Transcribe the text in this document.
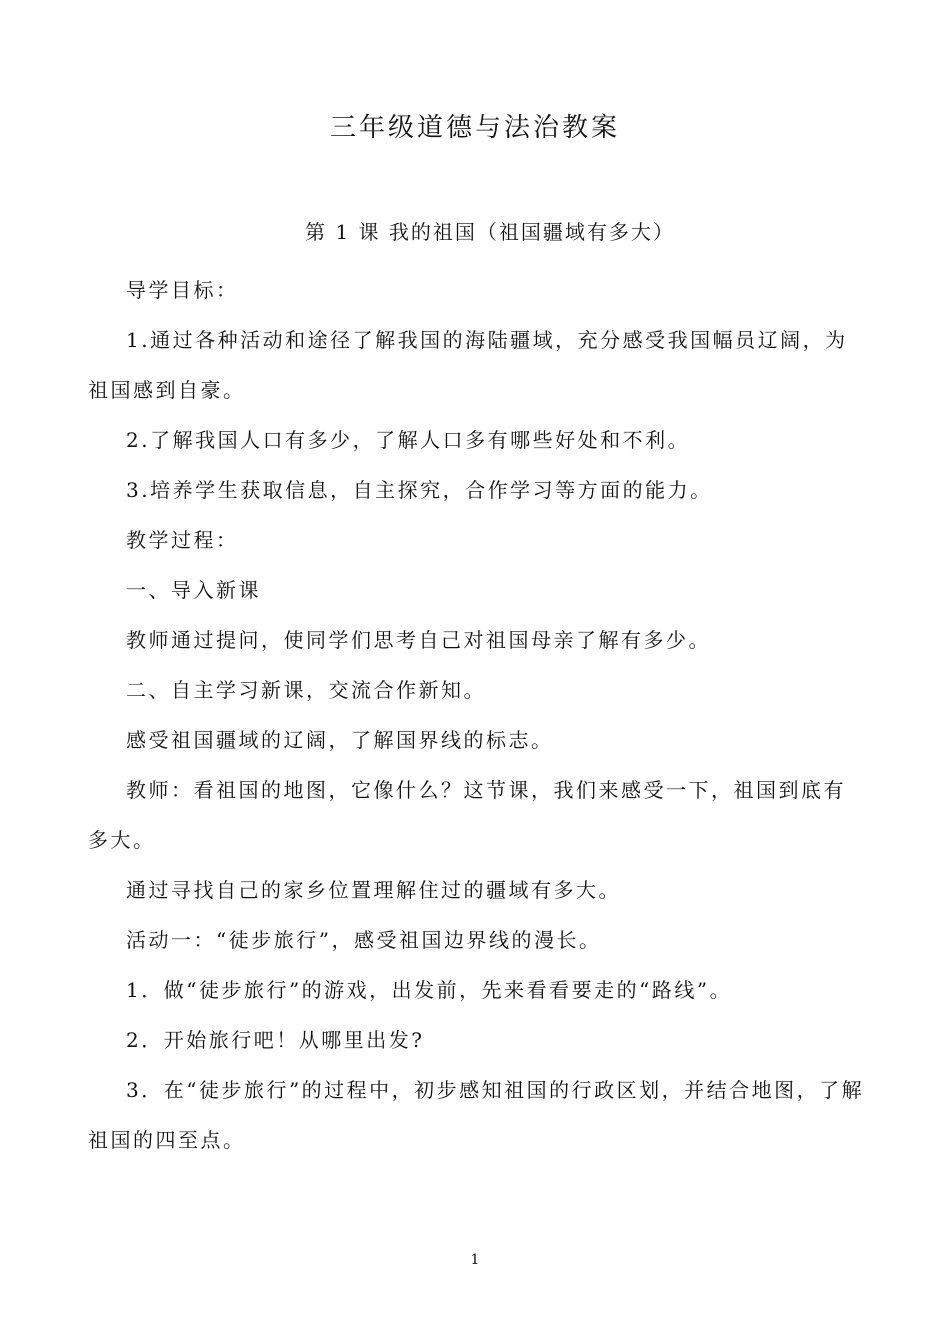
三年级道德与法治教案
第 1 课 我的祖国（祖国疆域有多大）

导学目标：

1.通过各种活动和途径了解我国的海陆疆域，充分感受我国幅员辽阔，为祖国感到自豪。

2.了解我国人口有多少，了解人口多有哪些好处和不利。

3.培养学生获取信息，自主探究，合作学习等方面的能力。

教学过程：

一、导入新课

教师通过提问，使同学们思考自己对祖国母亲了解有多少。

二、自主学习新课，交流合作新知。

感受祖国疆域的辽阔，了解国界线的标志。

教师：看祖国的地图，它像什么？这节课，我们来感受一下，祖国到底有多大。

通过寻找自己的家乡位置理解住过的疆域有多大。

活动一：“徒步旅行”，感受祖国边界线的漫长。

1．做“徒步旅行”的游戏，出发前，先来看看要走的“路线”。

2．开始旅行吧！从哪里出发?

3．在“徒步旅行”的过程中，初步感知祖国的行政区划，并结合地图，了解祖国的四至点。

1
